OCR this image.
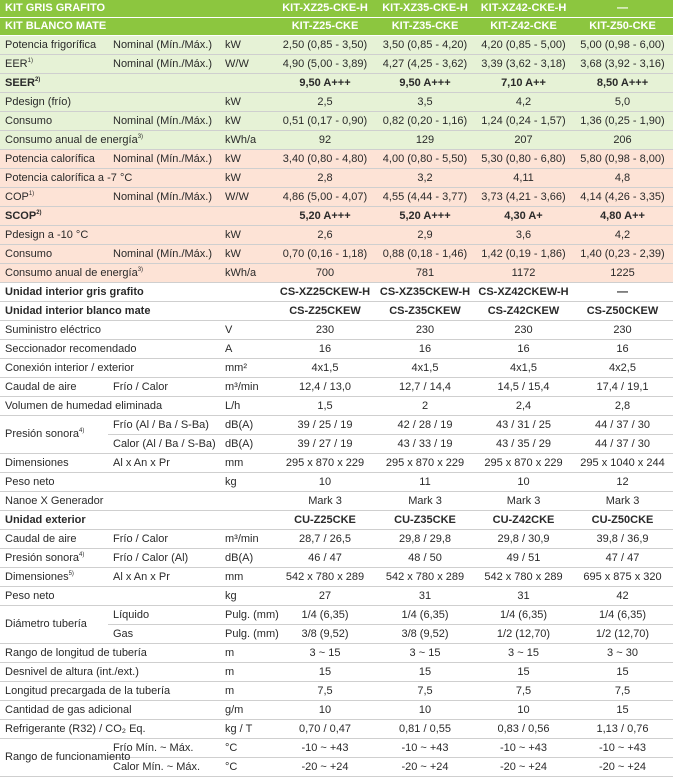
KIT GRIS GRAFITO			KIT-XZ25-CKE-H	KIT-XZ35-CKE-H	KIT-XZ42-CKE-H	—
KIT BLANCO MATE			KIT-Z25-CKE	KIT-Z35-CKE	KIT-Z42-CKE	KIT-Z50-CKE
Potencia frigorífica	Nominal (Mín./Máx.)	kW	2,50 (0,85 - 3,50)	3,50 (0,85 - 4,20)	4,20 (0,85 - 5,00)	5,00 (0,98 - 6,00)
EER$^{1)}$	Nominal (Mín./Máx.)	W/W	4,90 (5,00 - 3,89)	4,27 (4,25 - 3,62)	3,39 (3,62 - 3,18)	3,68 (3,92 - 3,16)
SEER$^{2)}$			9,50 A+++	9,50 A+++	7,10 A++	8,50 A+++
Pdesign (frío)		kW	2,5	3,5	4,2	5,0
Consumo	Nominal (Mín./Máx.)	kW	0,51 (0,17 - 0,90)	0,82 (0,20 - 1,16)	1,24 (0,24 - 1,57)	1,36 (0,25 - 1,90)
Consumo anual de energía$^{3)}$		kWh/a	92	129	207	206
Potencia calorífica	Nominal (Mín./Máx.)	kW	3,40 (0,80 - 4,80)	4,00 (0,80 - 5,50)	5,30 (0,80 - 6,80)	5,80 (0,98 - 8,00)
Potencia calorífica a -7 °C		kW	2,8	3,2	4,11	4,8
COP$^{1)}$	Nominal (Mín./Máx.)	W/W	4,86 (5,00 - 4,07)	4,55 (4,44 - 3,77)	3,73 (4,21 - 3,66)	4,14 (4,26 - 3,35)
SCOP$^{2)}$			5,20 A+++	5,20 A+++	4,30 A+	4,80 A++
Pdesign a -10 °C		kW	2,6	2,9	3,6	4,2
Consumo	Nominal (Mín./Máx.)	kW	0,70 (0,16 - 1,18)	0,88 (0,18 - 1,46)	1,42 (0,19 - 1,86)	1,40 (0,23 - 2,39)
Consumo anual de energía$^{3)}$		kWh/a	700	781	1172	1225
Unidad interior gris grafito			CS-XZ25CKEW-H	CS-XZ35CKEW-H	CS-XZ42CKEW-H	—
Unidad interior blanco mate			CS-Z25CKEW	CS-Z35CKEW	CS-Z42CKEW	CS-Z50CKEW
Suministro eléctrico		V	230	230	230	230
Seccionador recomendado		A	16	16	16	16
Conexión interior / exterior		mm²	4x1,5	4x1,5	4x1,5	4x2,5
Caudal de aire	Frío / Calor	m³/min	12,4 / 13,0	12,7 / 14,4	14,5 / 15,4	17,4 / 19,1
Volumen de humedad eliminada		L/h	1,5	2	2,4	2,8
Presión sonora$^{4)}$	Frío (Al / Ba / S-Ba)	dB(A)	39 / 25 / 19	42 / 28 / 19	43 / 31 / 25	44 / 37 / 30
	Calor (Al / Ba / S-Ba)	dB(A)	39 / 27 / 19	43 / 33 / 19	43 / 35 / 29	44 / 37 / 30
Dimensiones	Al x An x Pr	mm	295 x 870 x 229	295 x 870 x 229	295 x 870 x 229	295 x 1040 x 244
Peso neto		kg	10	11	10	12
Nanoe X Generador			Mark 3	Mark 3	Mark 3	Mark 3
Unidad exterior			CU-Z25CKE	CU-Z35CKE	CU-Z42CKE	CU-Z50CKE
Caudal de aire	Frío / Calor	m³/min	28,7 / 26,5	29,8 / 29,8	29,8 / 30,9	39,8 / 36,9
Presión sonora$^{4)}$	Frío / Calor (Al)	dB(A)	46 / 47	48 / 50	49 / 51	47 / 47
Dimensiones$^{5)}$	Al x An x Pr	mm	542 x 780 x 289	542 x 780 x 289	542 x 780 x 289	695 x 875 x 320
Peso neto		kg	27	31	31	42
Diámetro tubería	Líquido	Pulg. (mm)	1/4 (6,35)	1/4 (6,35)	1/4 (6,35)	1/4 (6,35)
	Gas	Pulg. (mm)	3/8 (9,52)	3/8 (9,52)	1/2 (12,70)	1/2 (12,70)
Rango de longitud de tubería		m	3 ~ 15	3 ~ 15	3 ~ 15	3 ~ 30
Desnivel de altura (int./ext.)		m	15	15	15	15
Longitud precargada de la tubería		m	7,5	7,5	7,5	7,5
Cantidad de gas adicional		g/m	10	10	10	15
Refrigerante (R32) / CO₂ Eq.		kg / T	0,70 / 0,47	0,81 / 0,55	0,83 / 0,56	1,13 / 0,76
Rango de funcionamiento	Frío Mín. ~ Máx.	°C	-10 ~ +43	-10 ~ +43	-10 ~ +43	-10 ~ +43
	Calor Mín. ~ Máx.	°C	-20 ~ +24	-20 ~ +24	-20 ~ +24	-20 ~ +24
